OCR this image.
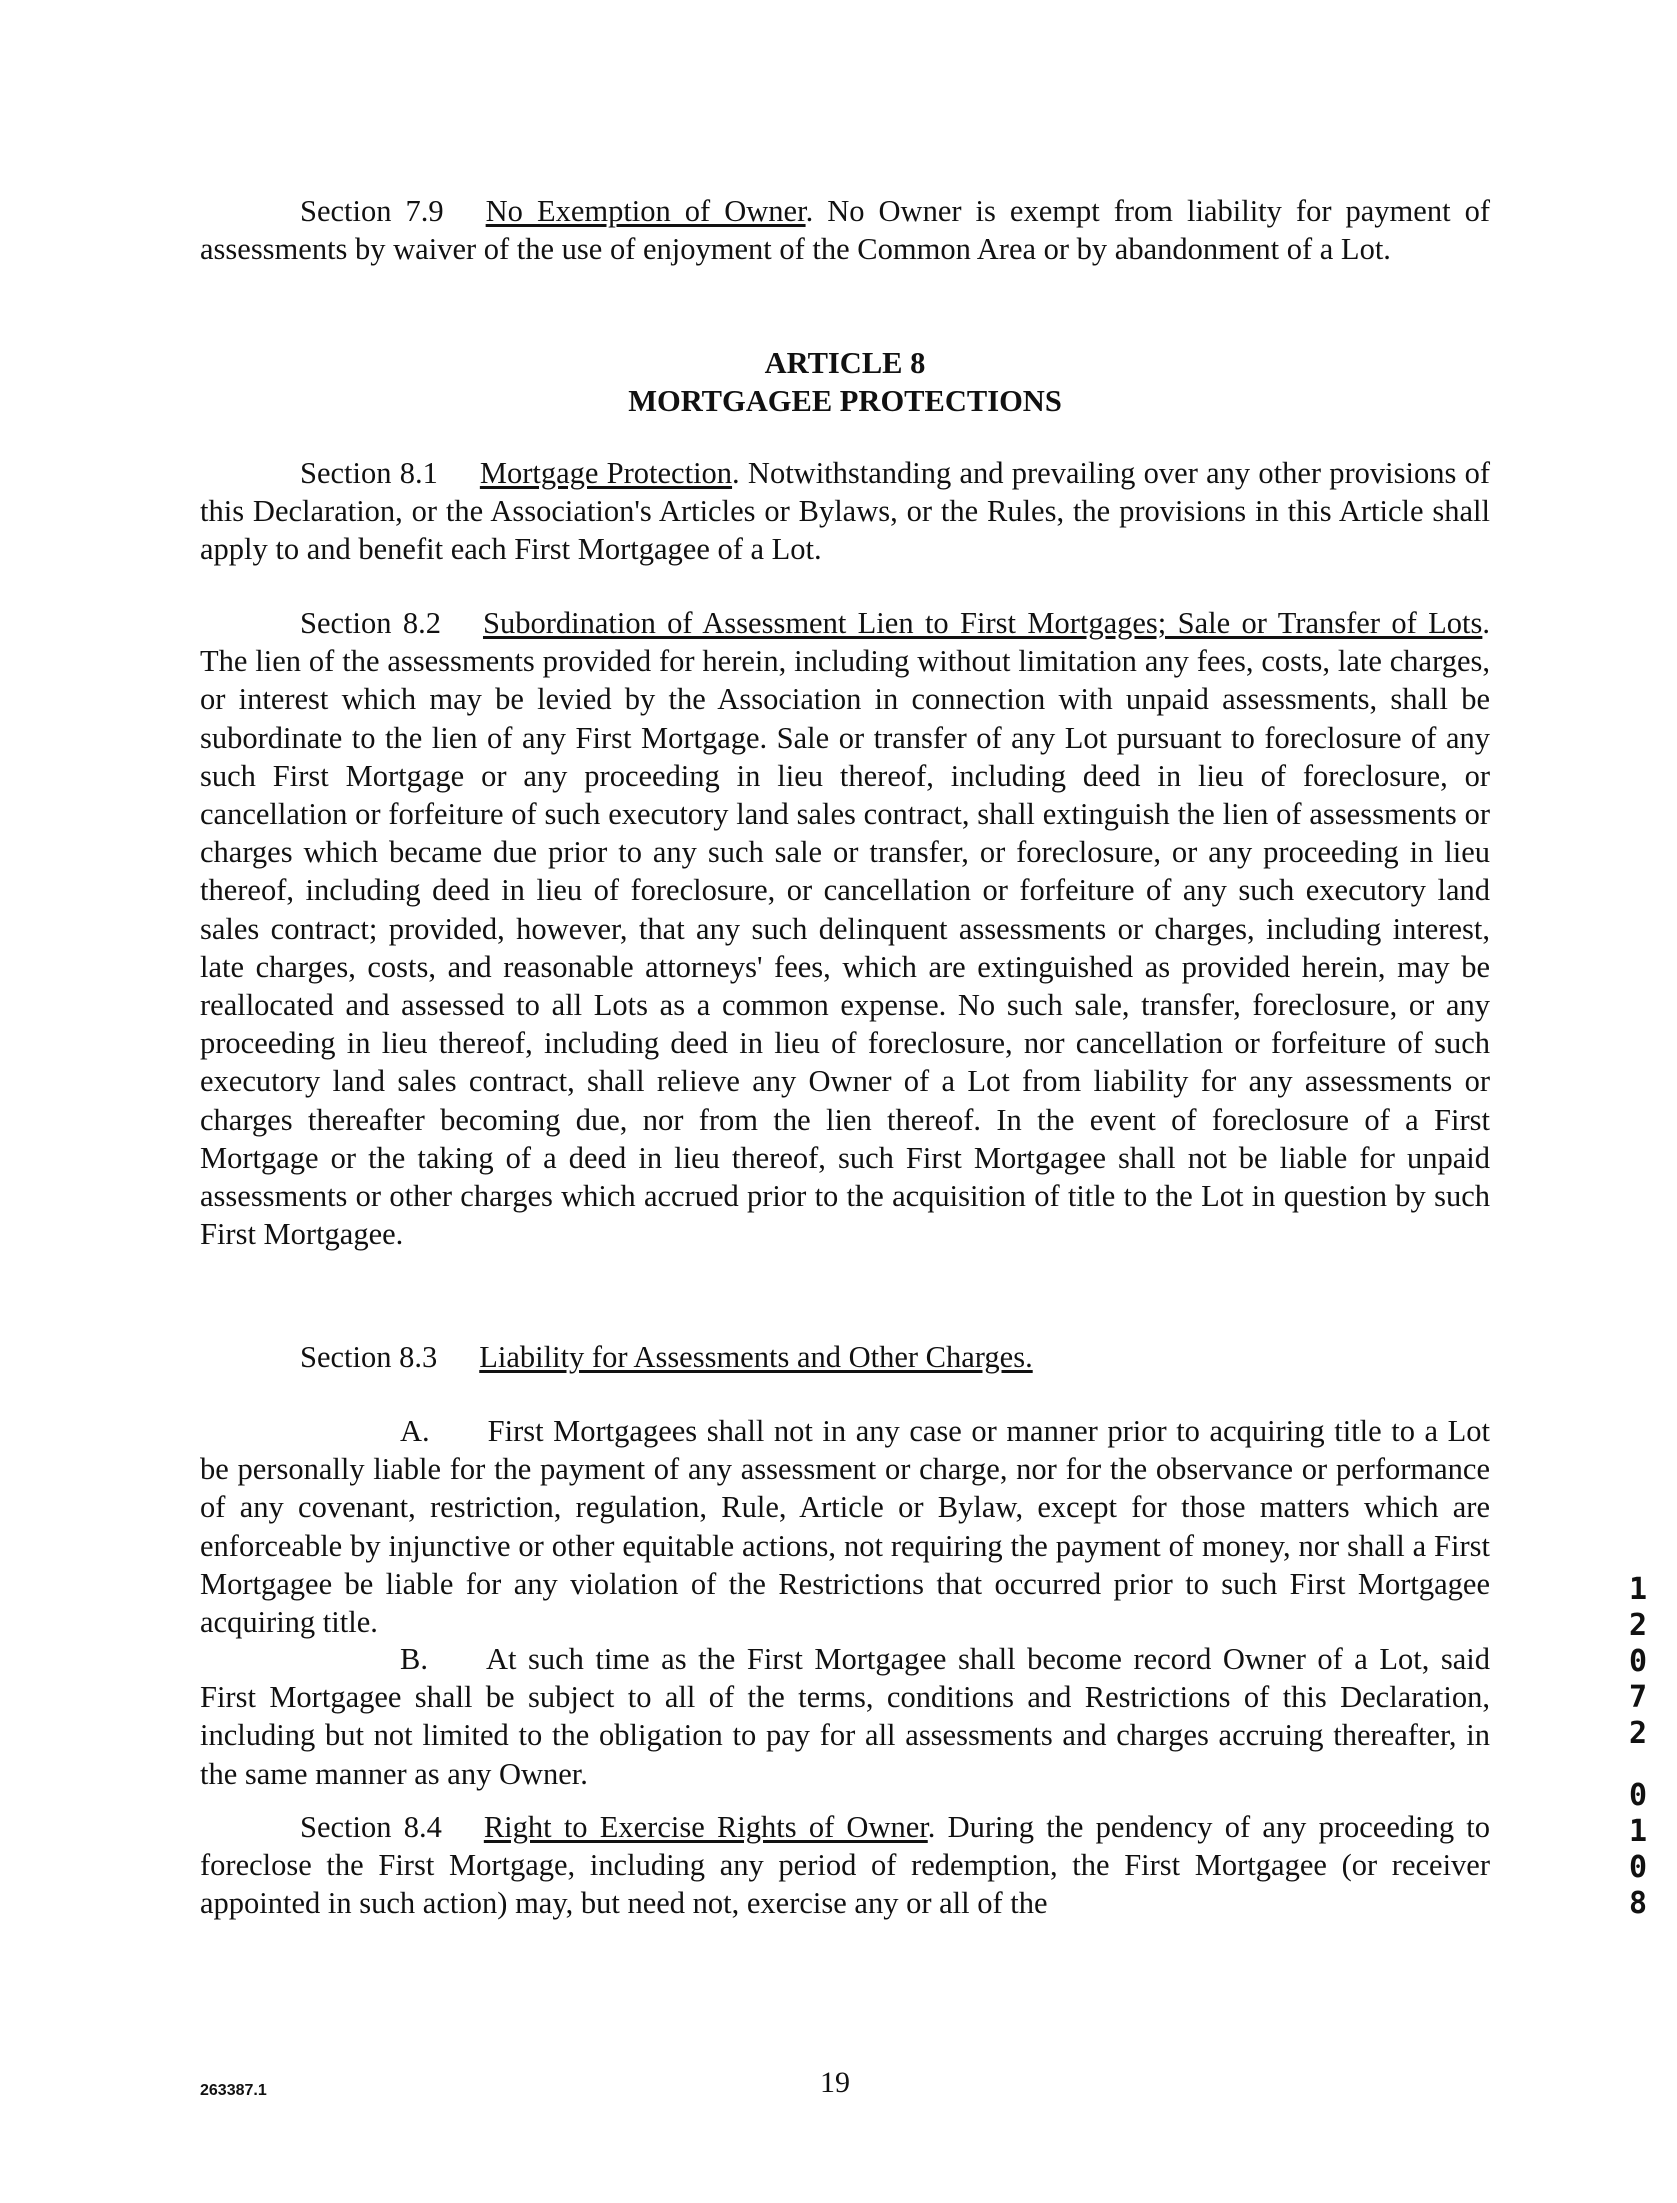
Section 7.9 No Exemption of Owner. No Owner is exempt from liability for payment of assessments by waiver of the use of enjoyment of the Common Area or by abandonment of a Lot.

ARTICLE 8

MORTGAGEE PROTECTIONS

Section 8.1 Mortgage Protection. Notwithstanding and prevailing over any other provisions of this Declaration, or the Association's Articles or Bylaws, or the Rules, the provisions in this Article shall apply to and benefit each First Mortgagee of a Lot.

Section 8.2 Subordination of Assessment Lien to First Mortgages; Sale or Transfer of Lots. The lien of the assessments provided for herein, including without limitation any fees, costs, late charges, or interest which may be levied by the Association in connection with unpaid assessments, shall be subordinate to the lien of any First Mortgage. Sale or transfer of any Lot pursuant to foreclosure of any such First Mortgage or any proceeding in lieu thereof, including deed in lieu of foreclosure, or cancellation or forfeiture of such executory land sales contract, shall extinguish the lien of assessments or charges which became due prior to any such sale or transfer, or foreclosure, or any proceeding in lieu thereof, including deed in lieu of foreclosure, or cancellation or forfeiture of any such executory land sales contract; provided, however, that any such delinquent assessments or charges, including interest, late charges, costs, and reasonable attorneys' fees, which are extinguished as provided herein, may be reallocated and assessed to all Lots as a common expense. No such sale, transfer, foreclosure, or any proceeding in lieu thereof, including deed in lieu of foreclosure, nor cancellation or forfeiture of such executory land sales contract, shall relieve any Owner of a Lot from liability for any assessments or charges thereafter becoming due, nor from the lien thereof. In the event of foreclosure of a First Mortgage or the taking of a deed in lieu thereof, such First Mortgagee shall not be liable for unpaid assessments or other charges which accrued prior to the acquisition of title to the Lot in question by such First Mortgagee.

Section 8.3 Liability for Assessments and Other Charges.

A. First Mortgagees shall not in any case or manner prior to acquiring title to a Lot be personally liable for the payment of any assessment or charge, nor for the observance or performance of any covenant, restriction, regulation, Rule, Article or Bylaw, except for those matters which are enforceable by injunctive or other equitable actions, not requiring the payment of money, nor shall a First Mortgagee be liable for any violation of the Restrictions that occurred prior to such First Mortgagee acquiring title.

B. At such time as the First Mortgagee shall become record Owner of a Lot, said First Mortgagee shall be subject to all of the terms, conditions and Restrictions of this Declaration, including but not limited to the obligation to pay for all assessments and charges accruing thereafter, in the same manner as any Owner.

Section 8.4 Right to Exercise Rights of Owner. During the pendency of any proceeding to foreclose the First Mortgage, including any period of redemption, the First Mortgagee (or receiver appointed in such action) may, but need not, exercise any or all of the

1
2
0
7
2
0
1
0
8
263387.1	19
